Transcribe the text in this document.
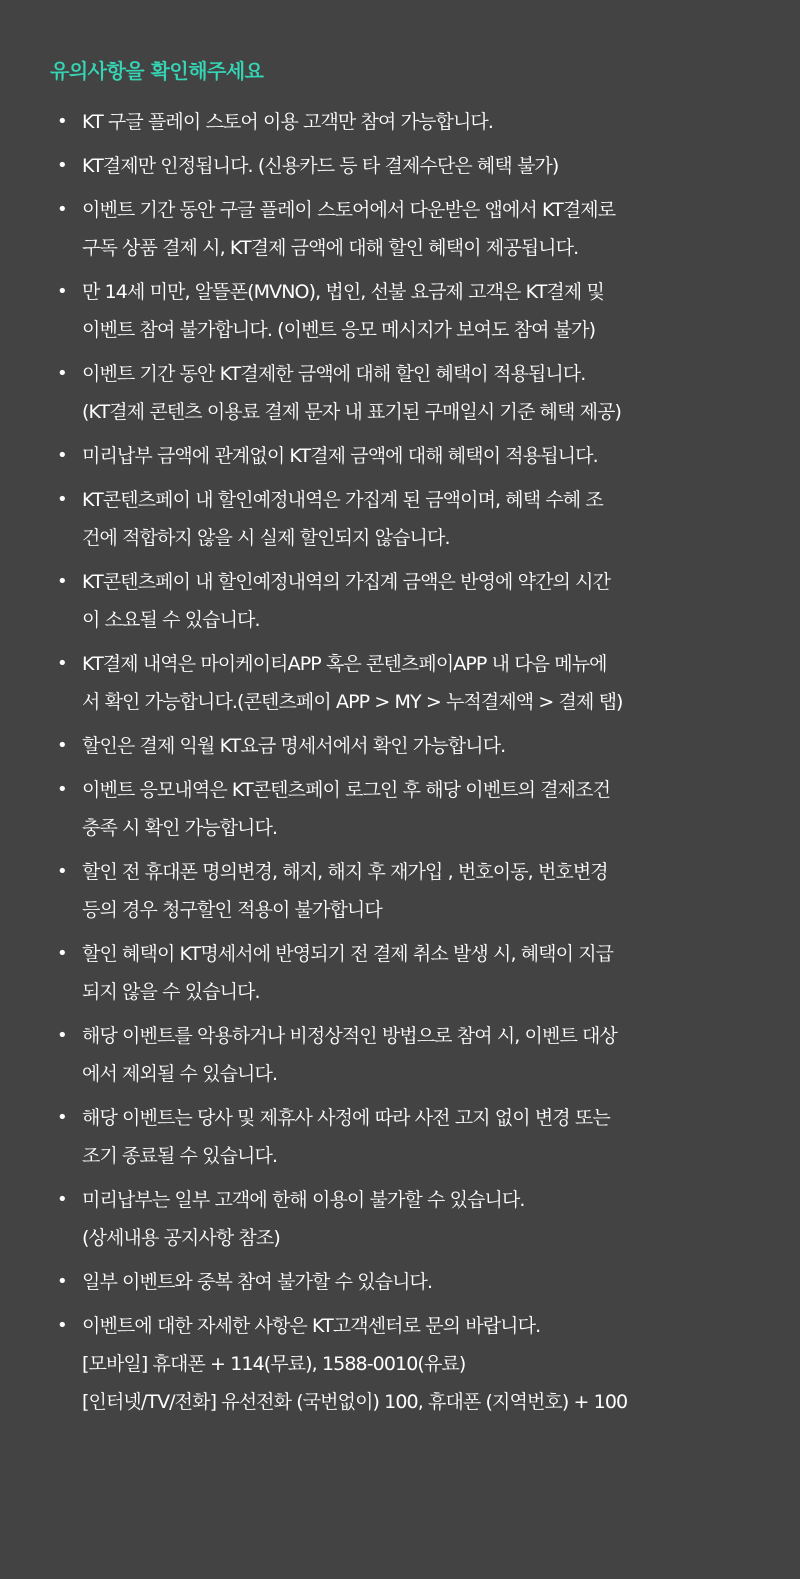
유의사항을 확인해주세요
• KT 구글 플레이 스토어 이용 고객만 참여 가능합니다.
• KT결제만 인정됩니다. (신용카드 등 타 결제수단은 혜택 불가)
• 이벤트 기간 동안 구글 플레이 스토어에서 다운받은 앱에서 KT결제로
구독 상품 결제 시, KT결제 금액에 대해 할인 혜택이 제공됩니다.
• 만 14세 미만, 알뜰폰(MVNO), 법인, 선불 요금제 고객은 KT결제 및
이벤트 참여 불가합니다. (이벤트 응모 메시지가 보여도 참여 불가)
• 이벤트 기간 동안 KT결제한 금액에 대해 할인 혜택이 적용됩니다.
(KT결제 콘텐츠 이용료 결제 문자 내 표기된 구매일시 기준 혜택 제공)
• 미리납부 금액에 관계없이 KT결제 금액에 대해 혜택이 적용됩니다.
• KT콘텐츠페이 내 할인예정내역은 가집계 된 금액이며, 혜택 수혜 조
건에 적합하지 않을 시 실제 할인되지 않습니다.
• KT콘텐츠페이 내 할인예정내역의 가집계 금액은 반영에 약간의 시간
이 소요될 수 있습니다.
• KT결제 내역은 마이케이티APP 혹은 콘텐츠페이APP 내 다음 메뉴에
서 확인 가능합니다.(콘텐츠페이 APP > MY > 누적결제액 > 결제 탭)
• 할인은 결제 익월 KT요금 명세서에서 확인 가능합니다.
• 이벤트 응모내역은 KT콘텐츠페이 로그인 후 해당 이벤트의 결제조건
충족 시 확인 가능합니다.
• 할인 전 휴대폰 명의변경, 해지, 해지 후 재가입 , 번호이동, 번호변경
등의 경우 청구할인 적용이 불가합니다
• 할인 혜택이 KT명세서에 반영되기 전 결제 취소 발생 시, 혜택이 지급
되지 않을 수 있습니다.
• 해당 이벤트를 악용하거나 비정상적인 방법으로 참여 시, 이벤트 대상
에서 제외될 수 있습니다.
• 해당 이벤트는 당사 및 제휴사 사정에 따라 사전 고지 없이 변경 또는
조기 종료될 수 있습니다.
• 미리납부는 일부 고객에 한해 이용이 불가할 수 있습니다.
(상세내용 공지사항 참조)
• 일부 이벤트와 중복 참여 불가할 수 있습니다.
• 이벤트에 대한 자세한 사항은 KT고객센터로 문의 바랍니다.
[모바일] 휴대폰 + 114(무료), 1588-0010(유료)
[인터넷/TV/전화] 유선전화 (국번없이) 100, 휴대폰 (지역번호) + 100
